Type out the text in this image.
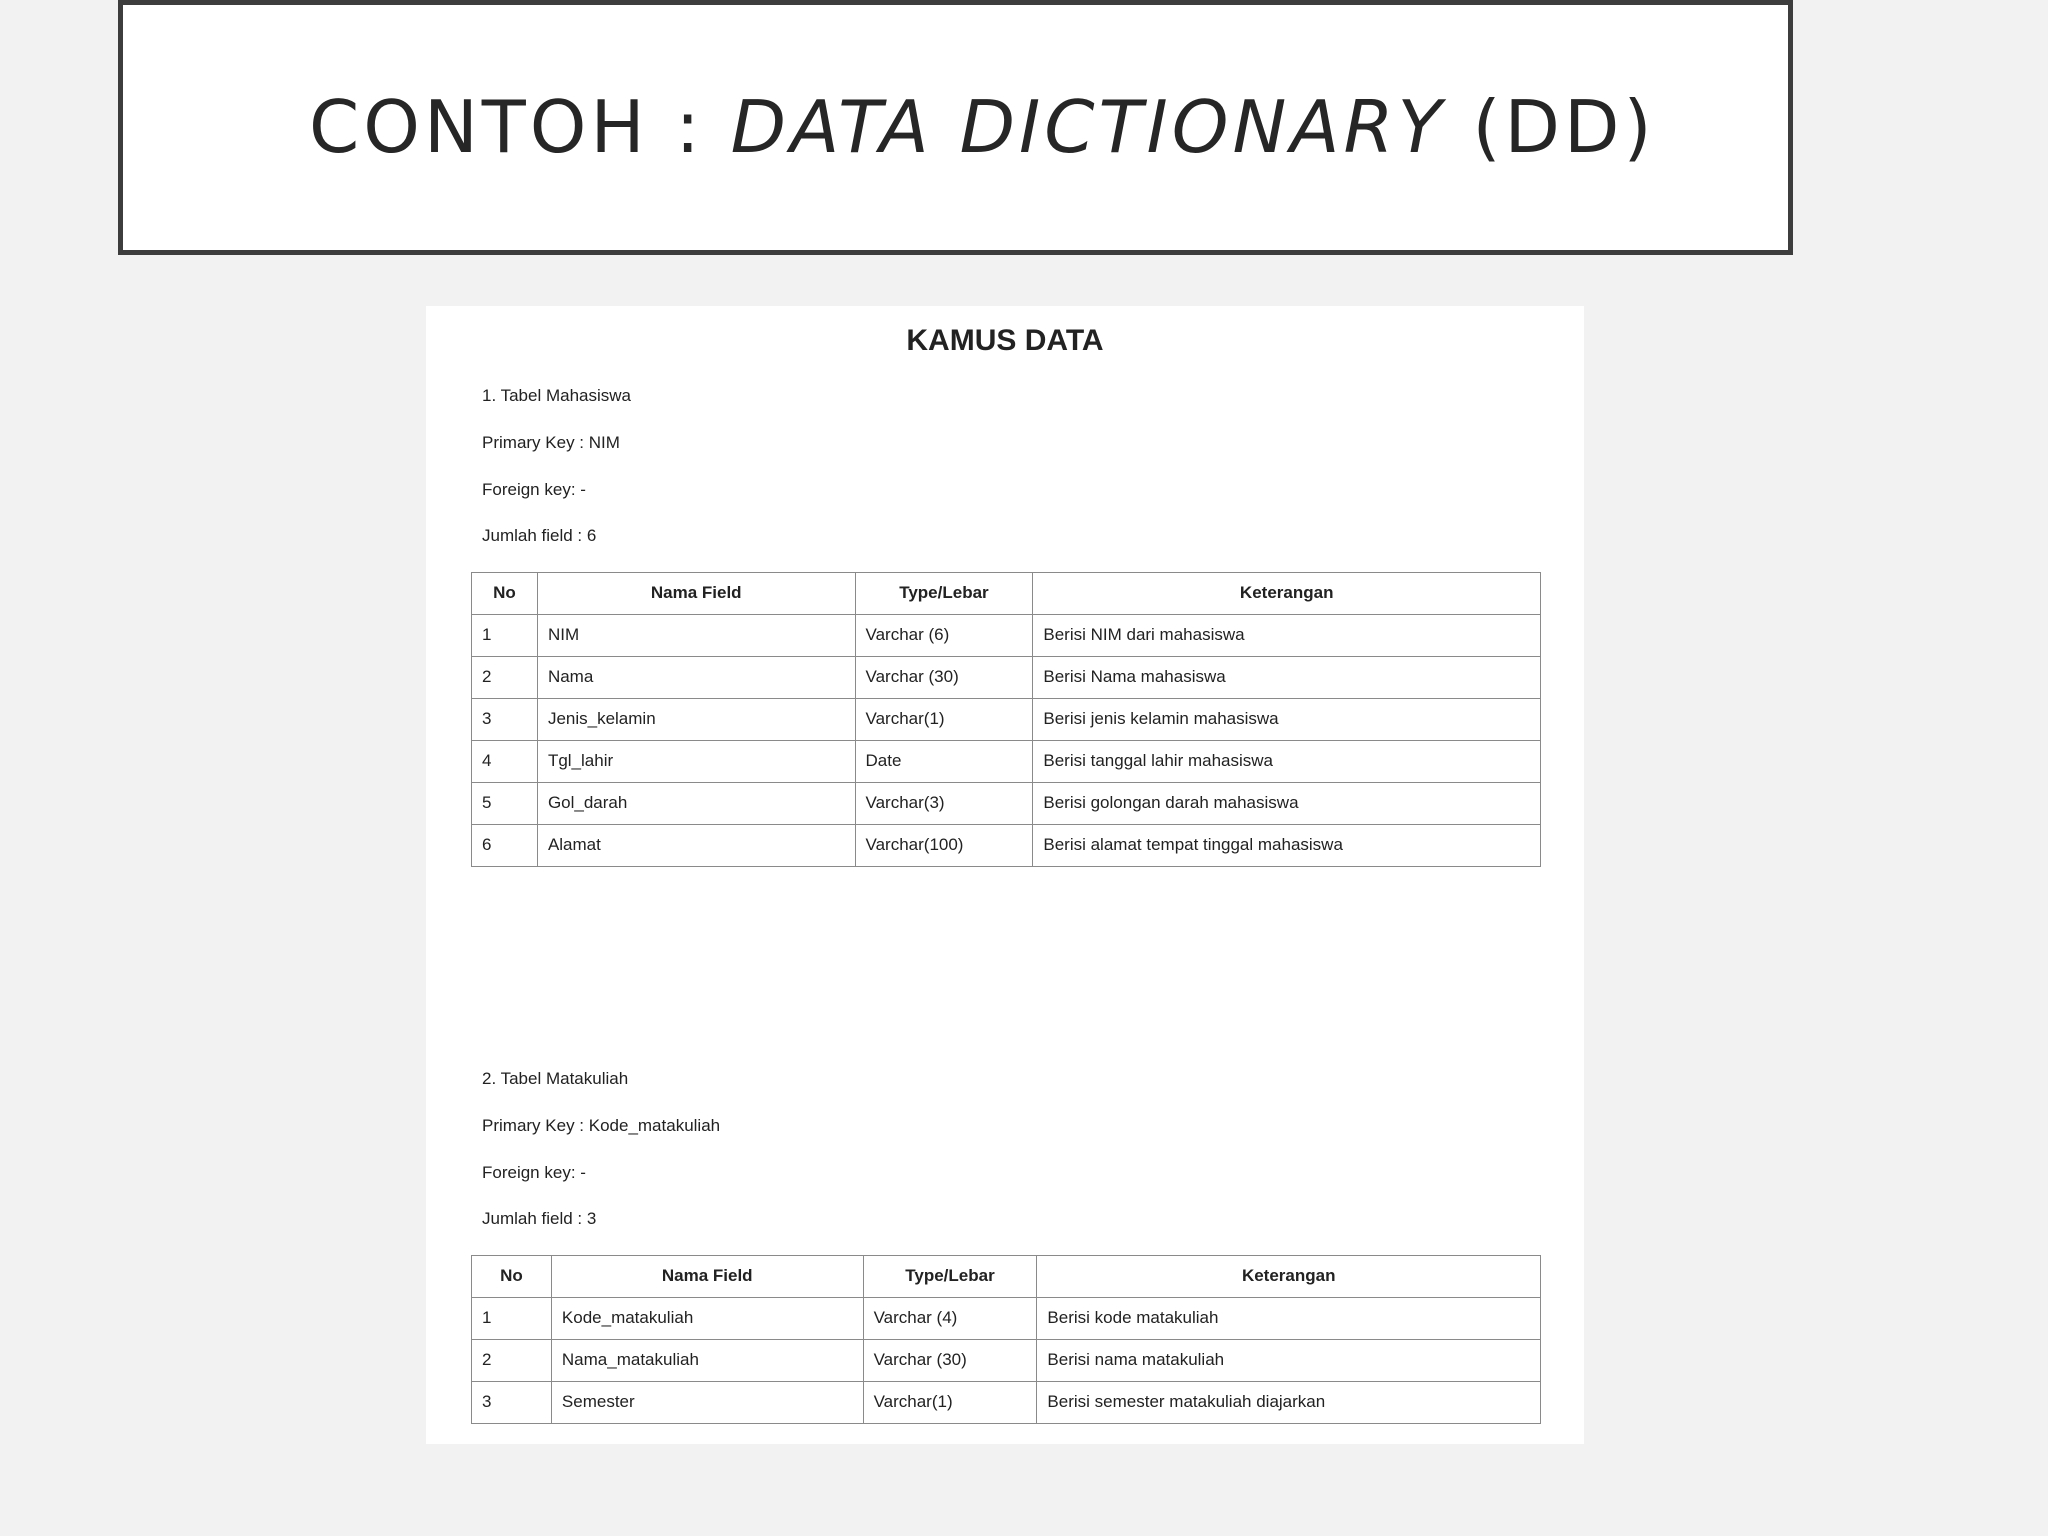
CONTOH : DATA DICTIONARY (DD)
KAMUS DATA

1. Tabel Mahasiswa

Primary Key : NIM

Foreign key: -

Jumlah field : 6

No	Nama Field	Type/Lebar	Keterangan
1	NIM	Varchar (6)	Berisi NIM dari mahasiswa
2	Nama	Varchar (30)	Berisi Nama mahasiswa
3	Jenis_kelamin	Varchar(1)	Berisi jenis kelamin mahasiswa
4	Tgl_lahir	Date	Berisi tanggal lahir mahasiswa
5	Gol_darah	Varchar(3)	Berisi golongan darah mahasiswa
6	Alamat	Varchar(100)	Berisi alamat tempat tinggal mahasiswa

2. Tabel Matakuliah

Primary Key : Kode_matakuliah

Foreign key: -

Jumlah field : 3

No	Nama Field	Type/Lebar	Keterangan
1	Kode_matakuliah	Varchar (4)	Berisi kode matakuliah
2	Nama_matakuliah	Varchar (30)	Berisi nama matakuliah
3	Semester	Varchar(1)	Berisi semester matakuliah diajarkan
